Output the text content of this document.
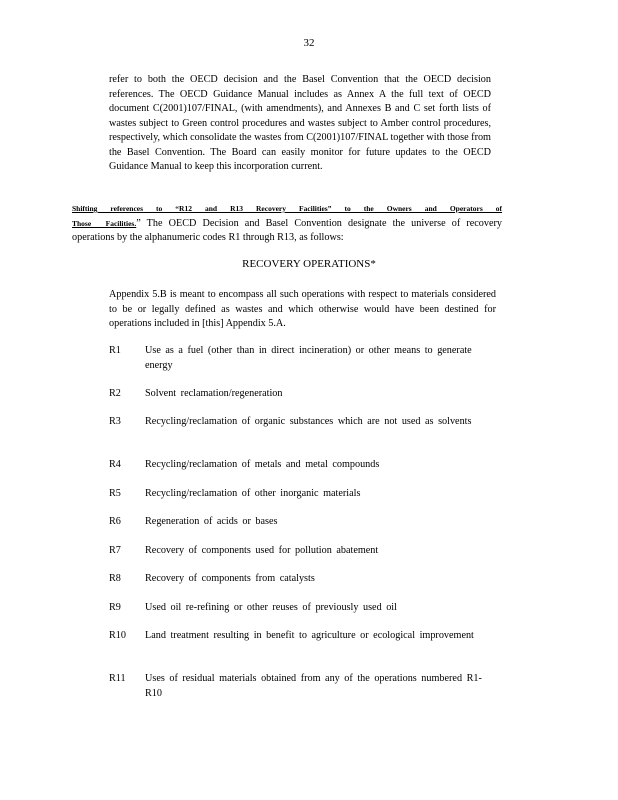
32
refer to both the OECD decision and the Basel Convention that the OECD decision references. The OECD Guidance Manual includes as Annex A the full text of OECD document C(2001)107/FINAL, (with amendments), and Annexes B and C set forth lists of wastes subject to Green control procedures and wastes subject to Amber control procedures, respectively, which consolidate the wastes from C(2001)107/FINAL together with those from the Basel Convention. The Board can easily monitor for future updates to the OECD Guidance Manual to keep this incorporation current.
Shifting references to “R12 and R13 Recovery Facilities” to the Owners and Operators of Those Facilities.” The OECD Decision and Basel Convention designate the universe of recovery operations by the alphanumeric codes R1 through R13, as follows:
RECOVERY OPERATIONS*
Appendix 5.B is meant to encompass all such operations with respect to materials considered to be or legally defined as wastes and which otherwise would have been destined for operations included in [this] Appendix 5.A.
R1	Use as a fuel (other than in direct incineration) or other means to generate energy
R2	Solvent reclamation/regeneration
R3	Recycling/reclamation of organic substances which are not used as solvents
R4	Recycling/reclamation of metals and metal compounds
R5	Recycling/reclamation of other inorganic materials
R6	Regeneration of acids or bases
R7	Recovery of components used for pollution abatement
R8	Recovery of components from catalysts
R9	Used oil re-refining or other reuses of previously used oil
R10	Land treatment resulting in benefit to agriculture or ecological improvement
R11	Uses of residual materials obtained from any of the operations numbered R1-R10
